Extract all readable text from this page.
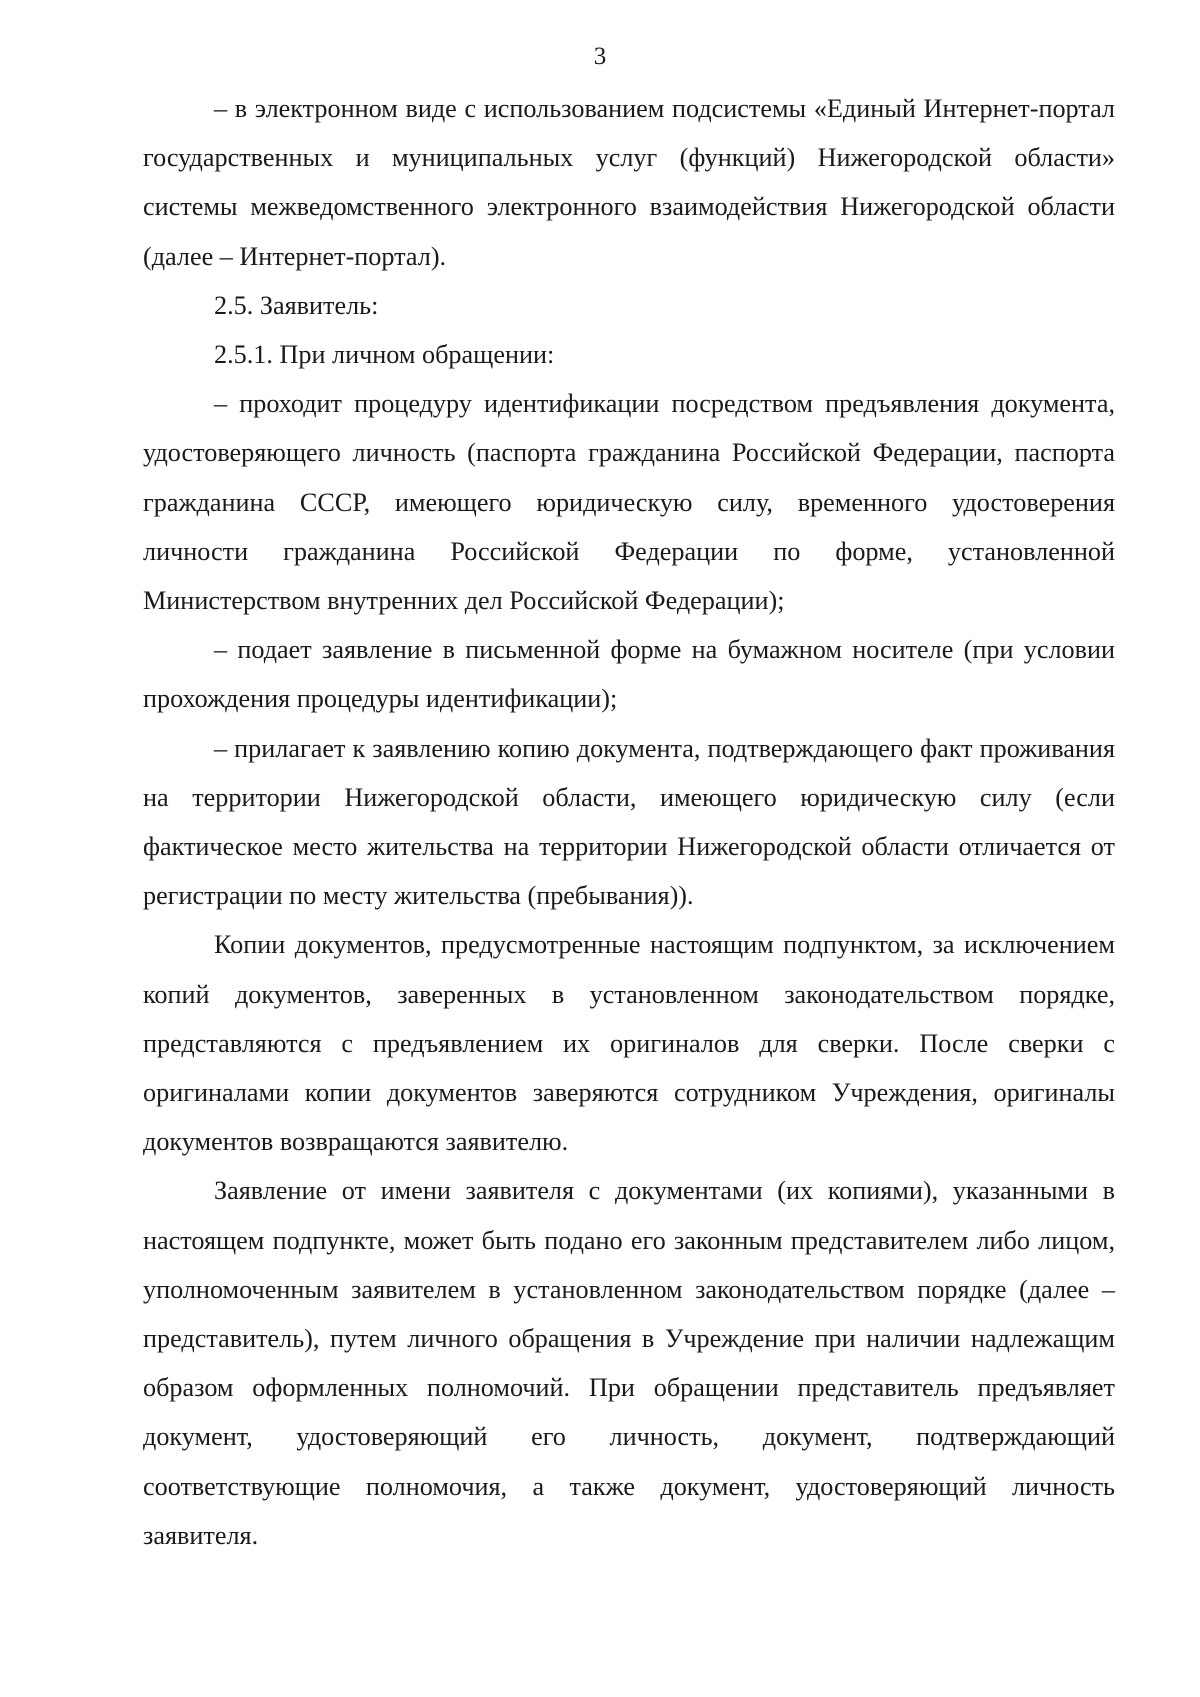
3

– в электронном виде с использованием подсистемы «Единый Интернет-портал государственных и муниципальных услуг (функций) Нижегородской области» системы межведомственного электронного взаимодействия Нижегородской области (далее – Интернет-портал).

2.5. Заявитель:

2.5.1. При личном обращении:

– проходит процедуру идентификации посредством предъявления документа, удостоверяющего личность (паспорта гражданина Российской Федерации, паспорта гражданина СССР, имеющего юридическую силу, временного удостоверения личности гражданина Российской Федерации по форме, установленной Министерством внутренних дел Российской Федерации);

– подает заявление в письменной форме на бумажном носителе (при условии прохождения процедуры идентификации);

– прилагает к заявлению копию документа, подтверждающего факт проживания на территории Нижегородской области, имеющего юридическую силу (если фактическое место жительства на территории Нижегородской области отличается от регистрации по месту жительства (пребывания)).

Копии документов, предусмотренные настоящим подпунктом, за исключением копий документов, заверенных в установленном законодательством порядке, представляются с предъявлением их оригиналов для сверки. После сверки с оригиналами копии документов заверяются сотрудником Учреждения, оригиналы документов возвращаются заявителю.

Заявление от имени заявителя с документами (их копиями), указанными в настоящем подпункте, может быть подано его законным представителем либо лицом, уполномоченным заявителем в установленном законодательством порядке (далее – представитель), путем личного обращения в Учреждение при наличии надлежащим образом оформленных полномочий. При обращении представитель предъявляет документ, удостоверяющий его личность, документ, подтверждающий соответствующие полномочия, а также документ, удостоверяющий личность заявителя.
